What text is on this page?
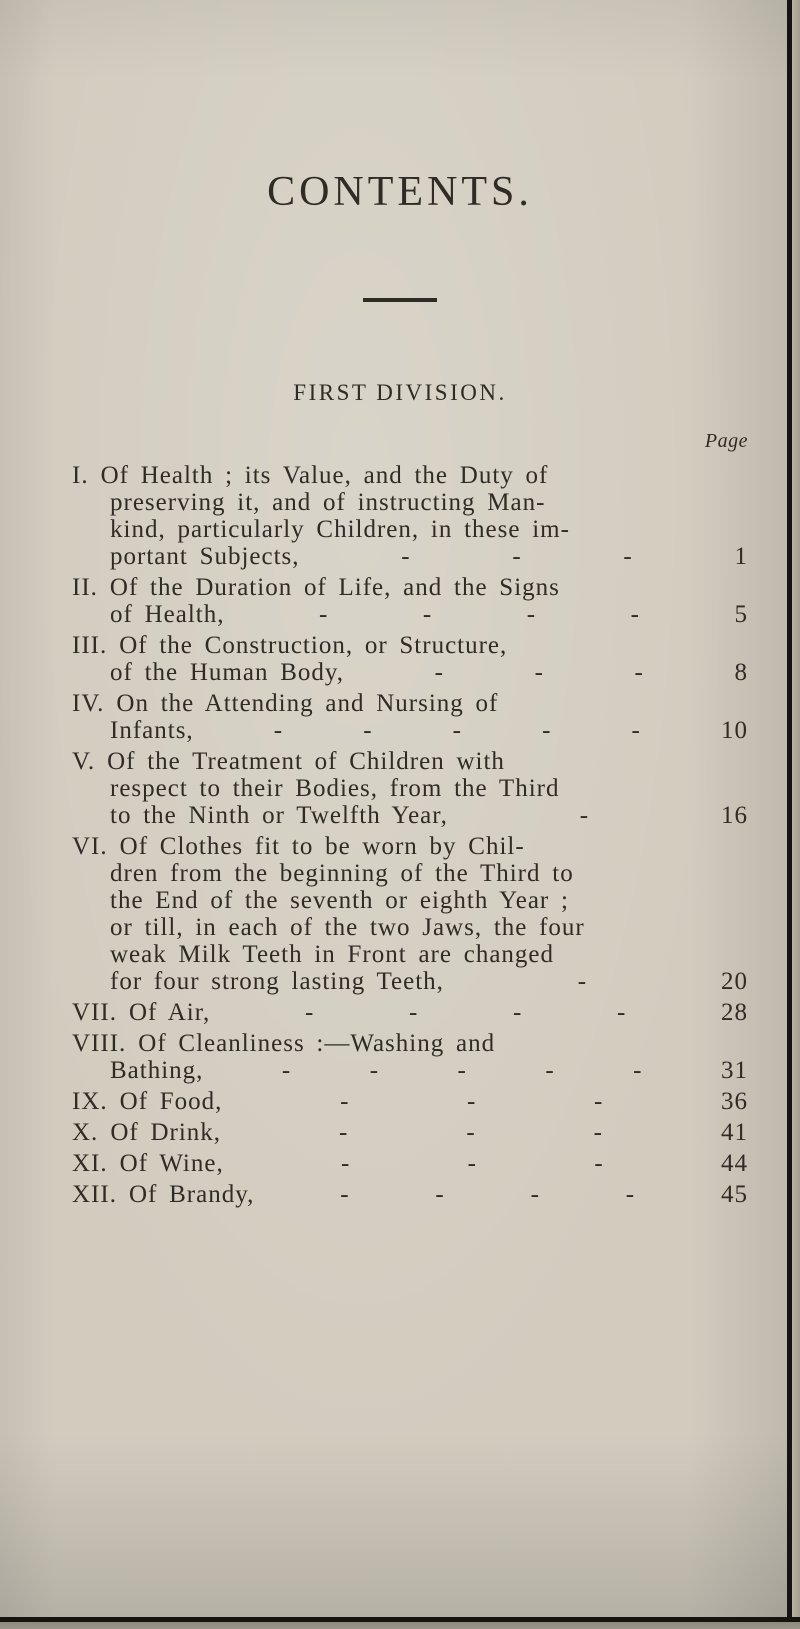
CONTENTS.
FIRST DIVISION.
Page
I. Of Health ; its Value, and the Duty of
preserving it, and of instructing Man-
kind, particularly Children, in these im-
portant Subjects,	-	-	-	1
II. Of the Duration of Life, and the Signs
of Health,	-	-	-	-	5
III. Of the Construction, or Structure,
of the Human Body,	-	-	-	8
IV. On the Attending and Nursing of
Infants,	-	-	-	-	-	10
V. Of the Treatment of Children with
respect to their Bodies, from the Third
to the Ninth or Twelfth Year,	-	16
VI. Of Clothes fit to be worn by Chil-
dren from the beginning of the Third to
the End of the seventh or eighth Year ;
or till, in each of the two Jaws, the four
weak Milk Teeth in Front are changed
for four strong lasting Teeth,	-	20
VII. Of Air,	-	-	-	-	28
VIII. Of Cleanliness :—Washing and
Bathing,	-	-	-	-	-	31
IX. Of Food,	-	-	-	36
X. Of Drink,	-	-	-	41
XI. Of Wine,	-	-	-	44
XII. Of Brandy,	-	-	-	-	45
